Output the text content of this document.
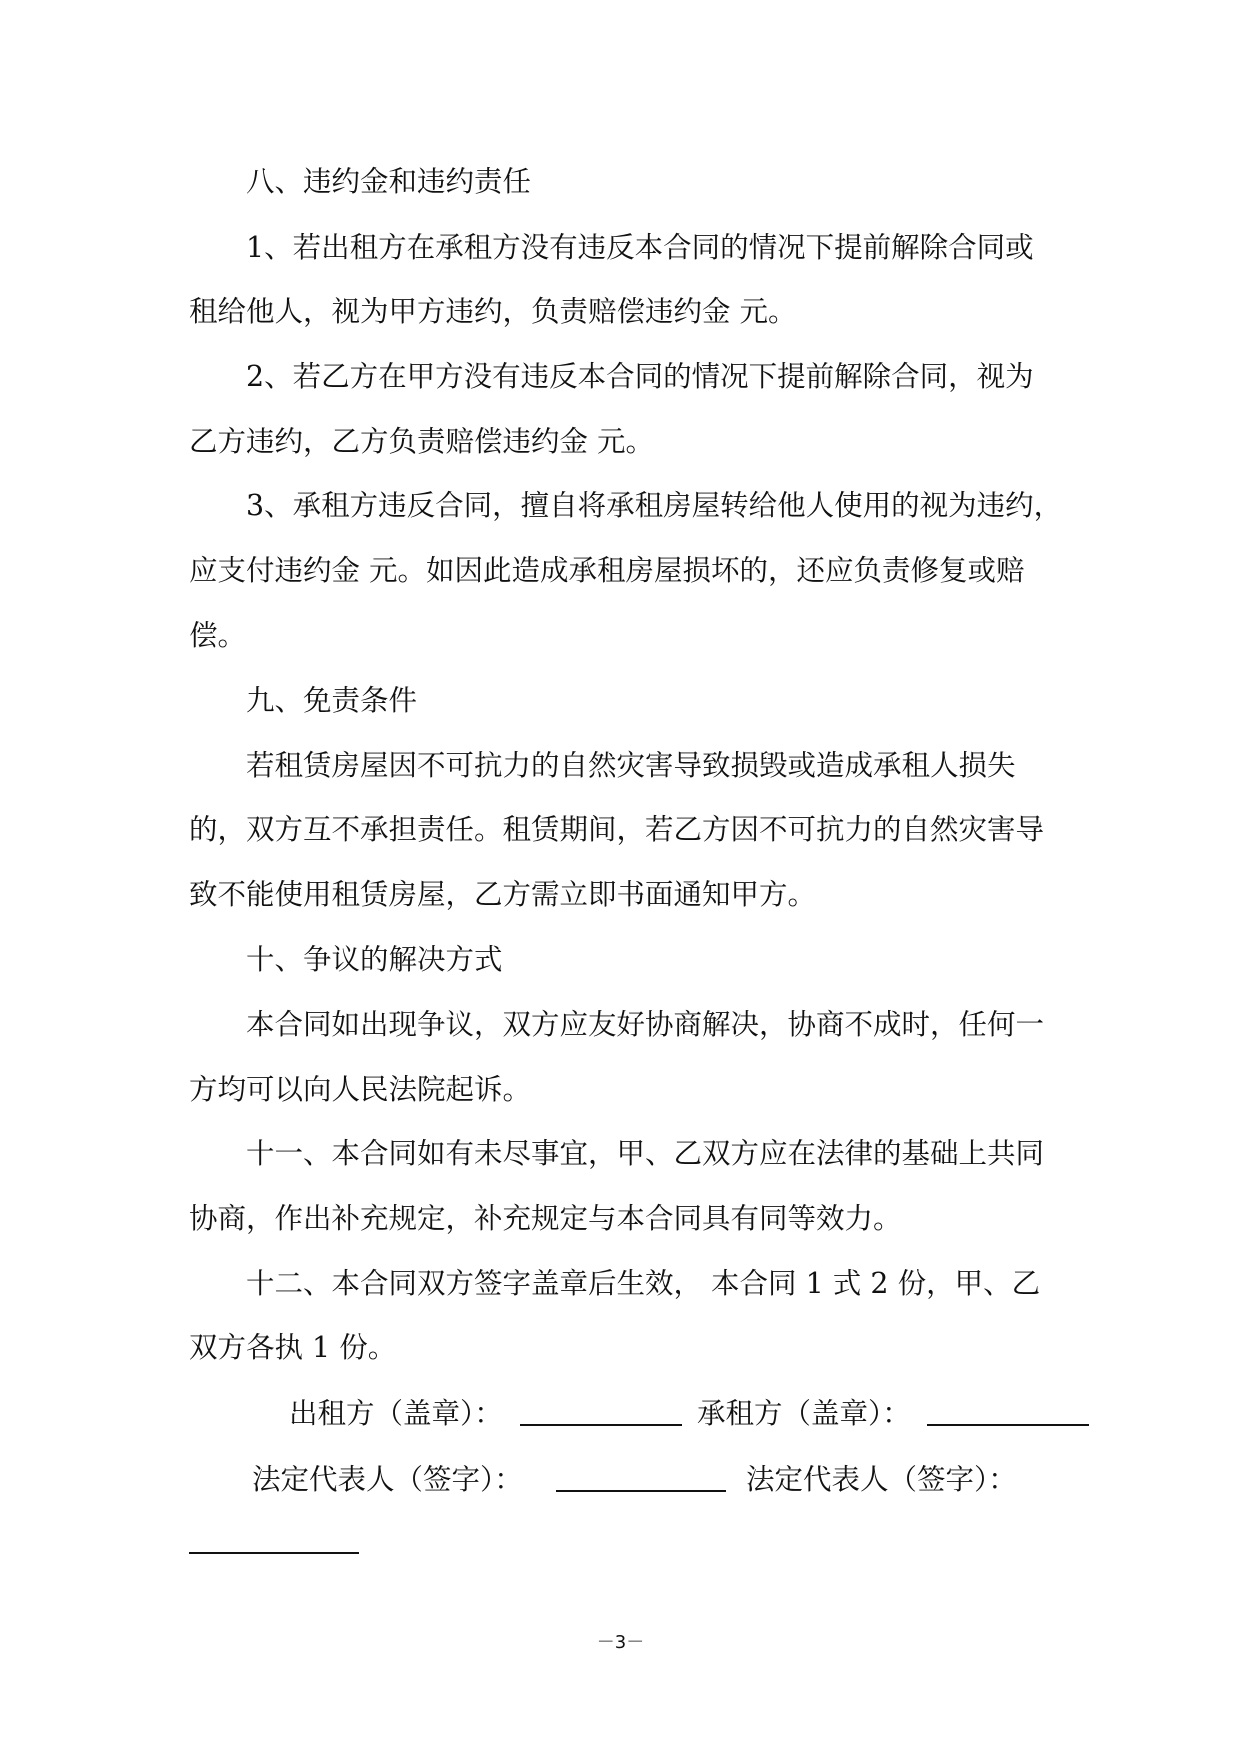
八、违约金和违约责任
1、若出租方在承租方没有违反本合同的情况下提前解除合同或
租给他人，视为甲方违约，负责赔偿违约金 元。
2、若乙方在甲方没有违反本合同的情况下提前解除合同，视为
乙方违约，乙方负责赔偿违约金 元。
3、承租方违反合同，擅自将承租房屋转给他人使用的视为违约，
应支付违约金 元。如因此造成承租房屋损坏的，还应负责修复或赔
偿。
九、免责条件
若租赁房屋因不可抗力的自然灾害导致损毁或造成承租人损失
的，双方互不承担责任。租赁期间，若乙方因不可抗力的自然灾害导
致不能使用租赁房屋，乙方需立即书面通知甲方。
十、争议的解决方式
本合同如出现争议，双方应友好协商解决，协商不成时，任何一
方均可以向人民法院起诉。
十一、本合同如有未尽事宜，甲、乙双方应在法律的基础上共同
协商，作出补充规定，补充规定与本合同具有同等效力。
十二、本合同双方签字盖章后生效， 本合同 1 式 2 份，甲、乙
双方各执 1 份。
出租方（盖章）：	承租方（盖章）：
法定代表人（签字）：	法定代表人（签字）：
－3－
